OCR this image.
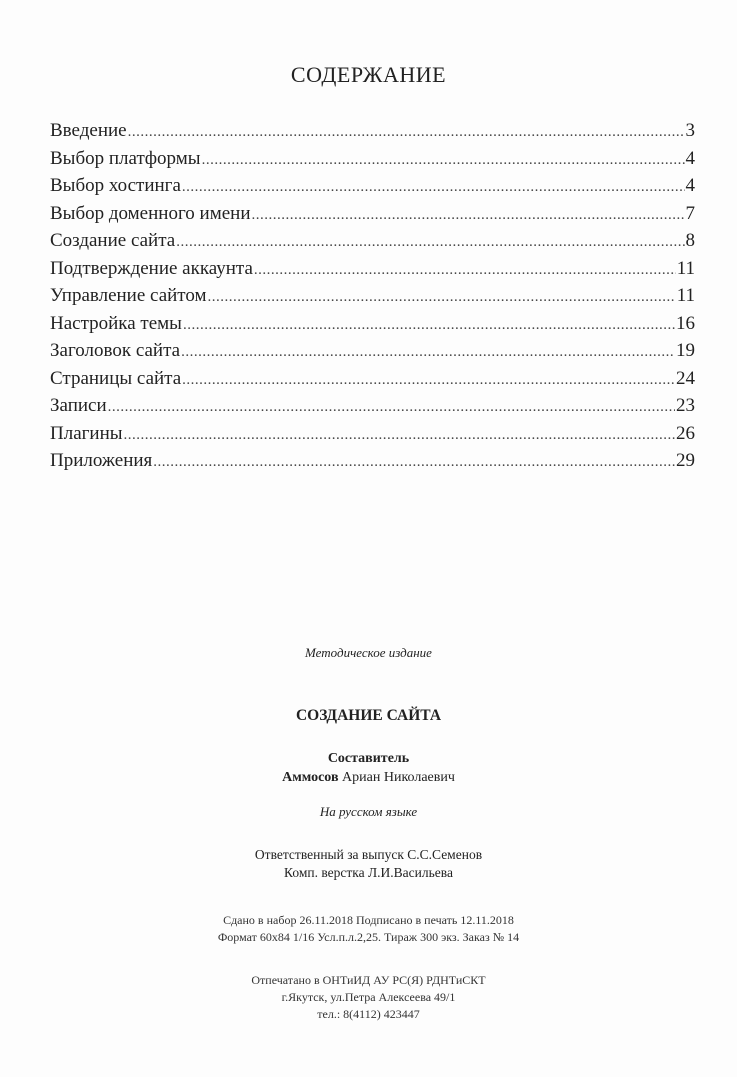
СОДЕРЖАНИЕ
Введение .....	3
Выбор платформы .....	4
Выбор хостинга .....	4
Выбор доменного имени .....	7
Создание сайта .....	8
Подтверждение аккаунта .....	11
Управление сайтом .....	11
Настройка темы .....	16
Заголовок сайта .....	19
Страницы сайта .....	24
Записи .....	23
Плагины .....	26
Приложения .....	29
Методическое издание
СОЗДАНИЕ САЙТА
Составитель
Аммосов Ариан Николаевич
На русском языке
Ответственный за выпуск С.С.Семенов
Комп. верстка Л.И.Васильева
Сдано в набор 26.11.2018 Подписано в печать 12.11.2018
Формат 60х84 1/16 Усл.п.л.2,25. Тираж 300 экз. Заказ № 14
Отпечатано в ОНТиИД АУ РС(Я) РДНТиСКТ
г.Якутск, ул.Петра Алексеева 49/1
тел.: 8(4112) 423447
